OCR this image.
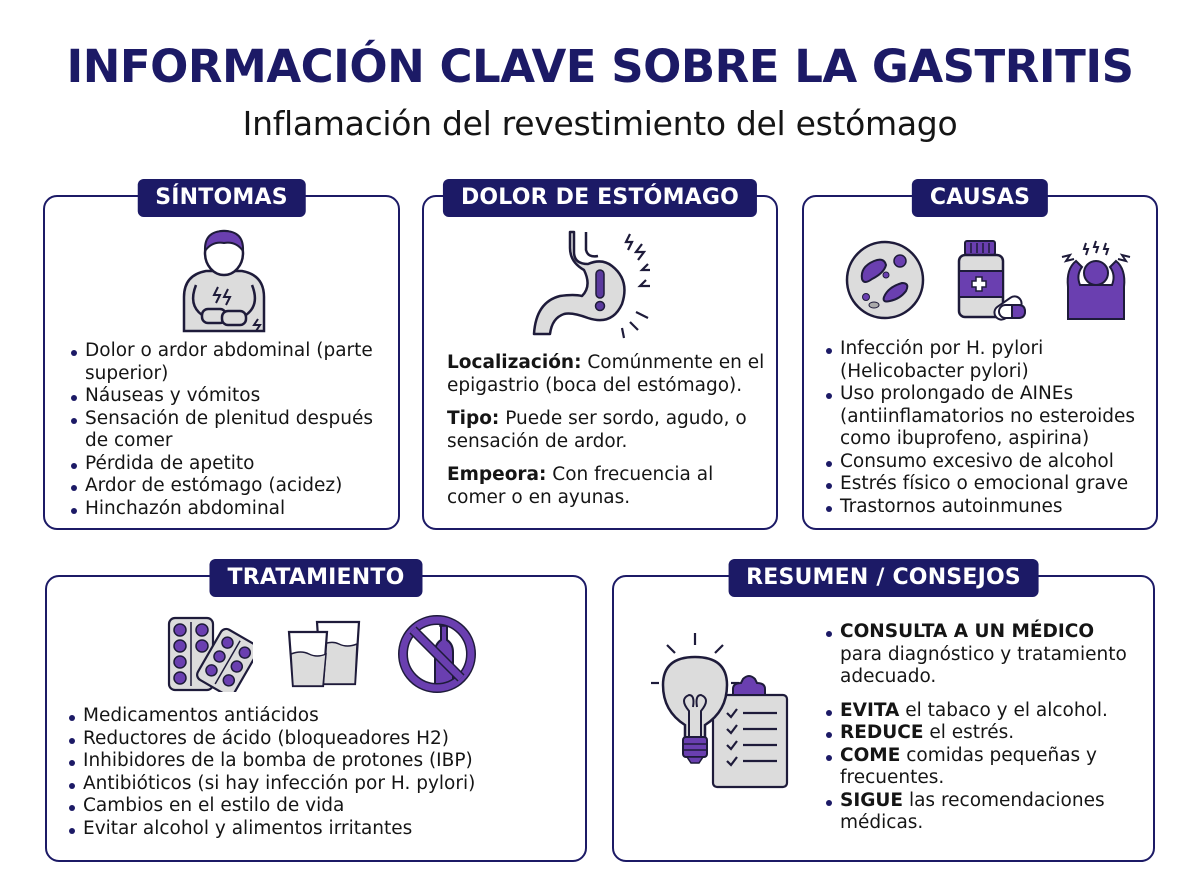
INFORMACIÓN CLAVE SOBRE LA GASTRITIS
Inflamación del revestimiento del estómago
SÍNTOMAS
Dolor o ardor abdominal (parte superior)
Náuseas y vómitos
Sensación de plenitud después de comer
Pérdida de apetito
Ardor de estómago (acidez)
Hinchazón abdominal
DOLOR DE ESTÓMAGO

Localización: Comúnmente en el epigastrio (boca del estómago).

Tipo: Puede ser sordo, agudo, o sensación de ardor.

Empeora: Con frecuencia al comer o en ayunas.

CAUSAS
Infección por H. pylori (Helicobacter pylori)
Uso prolongado de AINEs (antiinflamatorios no esteroides como ibuprofeno, aspirina)
Consumo excesivo de alcohol
Estrés físico o emocional grave
Trastornos autoinmunes
TRATAMIENTO
Medicamentos antiácidos
Reductores de ácido (bloqueadores H2)
Inhibidores de la bomba de protones (IBP)
Antibióticos (si hay infección por H. pylori)
Cambios en el estilo de vida
Evitar alcohol y alimentos irritantes
RESUMEN / CONSEJOS
CONSULTA A UN MÉDICO
para diagnóstico y tratamiento adecuado.
EVITA el tabaco y el alcohol.
REDUCE el estrés.
COME comidas pequeñas y frecuentes.
SIGUE las recomendaciones médicas.
